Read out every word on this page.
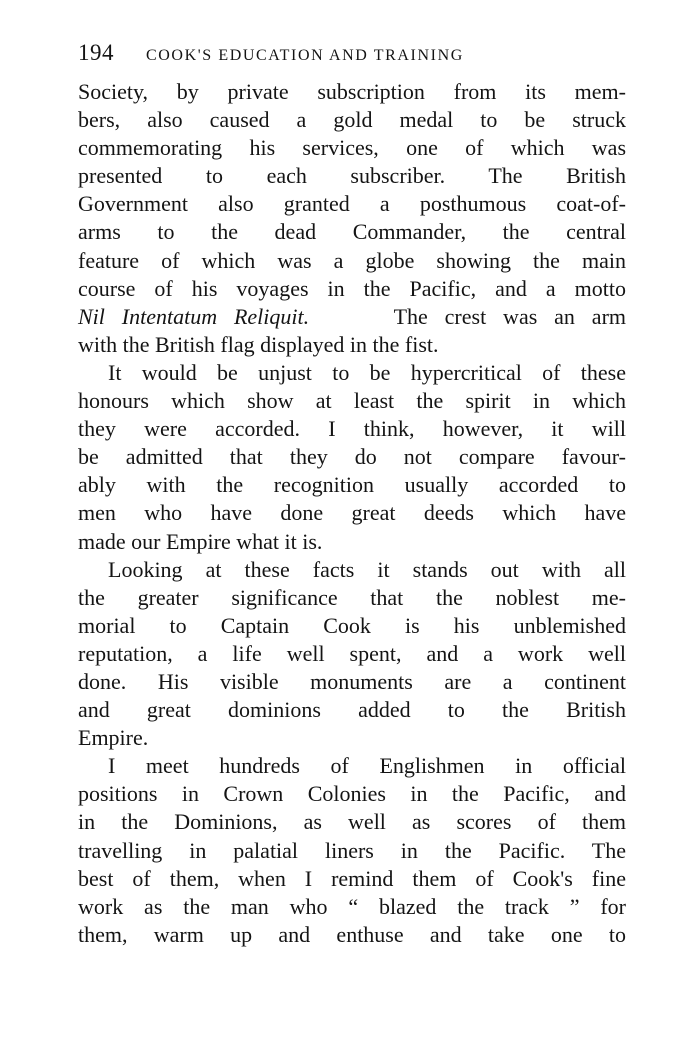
194	COOK'S EDUCATION AND TRAINING
Society, by private subscription from its mem-
bers, also caused a gold medal to be struck
commemorating his services, one of which was
presented to each subscriber. The British
Government also granted a posthumous coat-of-
arms to the dead Commander, the central
feature of which was a globe showing the main
course of his voyages in the Pacific, and a motto
Nil Intentatum Reliquit.	The crest was an arm
with the British flag displayed in the fist.
It would be unjust to be hypercritical of these
honours which show at least the spirit in which
they were accorded. I think, however, it will
be admitted that they do not compare favour-
ably with the recognition usually accorded to
men who have done great deeds which have
made our Empire what it is.
Looking at these facts it stands out with all
the greater significance that the noblest me-
morial to Captain Cook is his unblemished
reputation, a life well spent, and a work well
done. His visible monuments are a continent
and great dominions added to the British
Empire.
I meet hundreds of Englishmen in official
positions in Crown Colonies in the Pacific, and
in the Dominions, as well as scores of them
travelling in palatial liners in the Pacific. The
best of them, when I remind them of Cook's fine
work as the man who “ blazed the track ” for
them, warm up and enthuse and take one to
